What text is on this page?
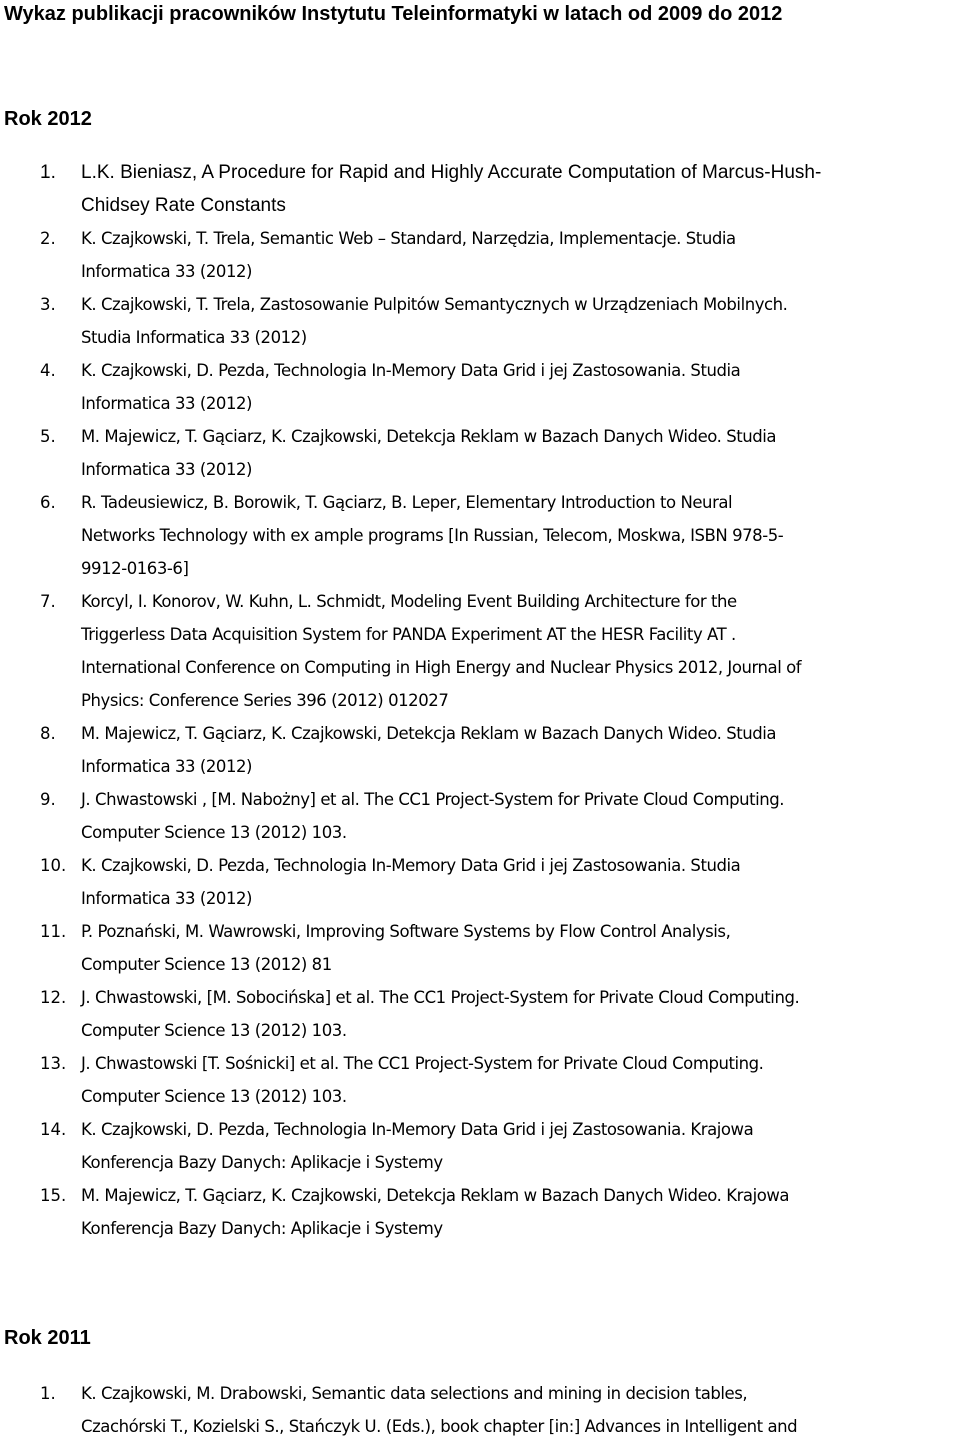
Wykaz publikacji pracowników Instytutu Teleinformatyki w latach od 2009 do 2012
Rok 2012
1. L.K. Bieniasz, A Procedure for Rapid and Highly Accurate Computation of Marcus-Hush-
Chidsey Rate Constants
2. K. Czajkowski, T. Trela, Semantic Web – Standard, Narzędzia, Implementacje. Studia
Informatica 33 (2012)
3. K. Czajkowski, T. Trela, Zastosowanie Pulpitów Semantycznych w Urządzeniach Mobilnych.
Studia Informatica 33 (2012)
4. K. Czajkowski, D. Pezda, Technologia In-Memory Data Grid i jej Zastosowania. Studia
Informatica 33 (2012)
5. M. Majewicz, T. Gąciarz, K. Czajkowski, Detekcja Reklam w Bazach Danych Wideo. Studia
Informatica 33 (2012)
6. R. Tadeusiewicz, B. Borowik, T. Gąciarz, B. Leper, Elementary Introduction to Neural
Networks Technology with ex ample programs [In Russian, Telecom, Moskwa, ISBN 978-5-
9912-0163-6]
7. Korcyl, I. Konorov, W. Kuhn, L. Schmidt, Modeling Event Building Architecture for the
Triggerless Data Acquisition System for PANDA Experiment AT the HESR Facility AT .
International Conference on Computing in High Energy and Nuclear Physics 2012, Journal of
Physics: Conference Series 396 (2012) 012027
8. M. Majewicz, T. Gąciarz, K. Czajkowski, Detekcja Reklam w Bazach Danych Wideo. Studia
Informatica 33 (2012)
9. J. Chwastowski , [M. Nabożny] et al. The CC1 Project-System for Private Cloud Computing.
Computer Science 13 (2012) 103.
10. K. Czajkowski, D. Pezda, Technologia In-Memory Data Grid i jej Zastosowania. Studia
Informatica 33 (2012)
11. P. Poznański, M. Wawrowski, Improving Software Systems by Flow Control Analysis,
Computer Science 13 (2012) 81
12. J. Chwastowski, [M. Sobocińska] et al. The CC1 Project-System for Private Cloud Computing.
Computer Science 13 (2012) 103.
13. J. Chwastowski [T. Sośnicki] et al. The CC1 Project-System for Private Cloud Computing.
Computer Science 13 (2012) 103.
14. K. Czajkowski, D. Pezda, Technologia In-Memory Data Grid i jej Zastosowania. Krajowa
Konferencja Bazy Danych: Aplikacje i Systemy
15. M. Majewicz, T. Gąciarz, K. Czajkowski, Detekcja Reklam w Bazach Danych Wideo. Krajowa
Konferencja Bazy Danych: Aplikacje i Systemy
Rok 2011
1. K. Czajkowski, M. Drabowski, Semantic data selections and mining in decision tables,
Czachórski T., Kozielski S., Stańczyk U. (Eds.), book chapter [in:] Advances in Intelligent and
